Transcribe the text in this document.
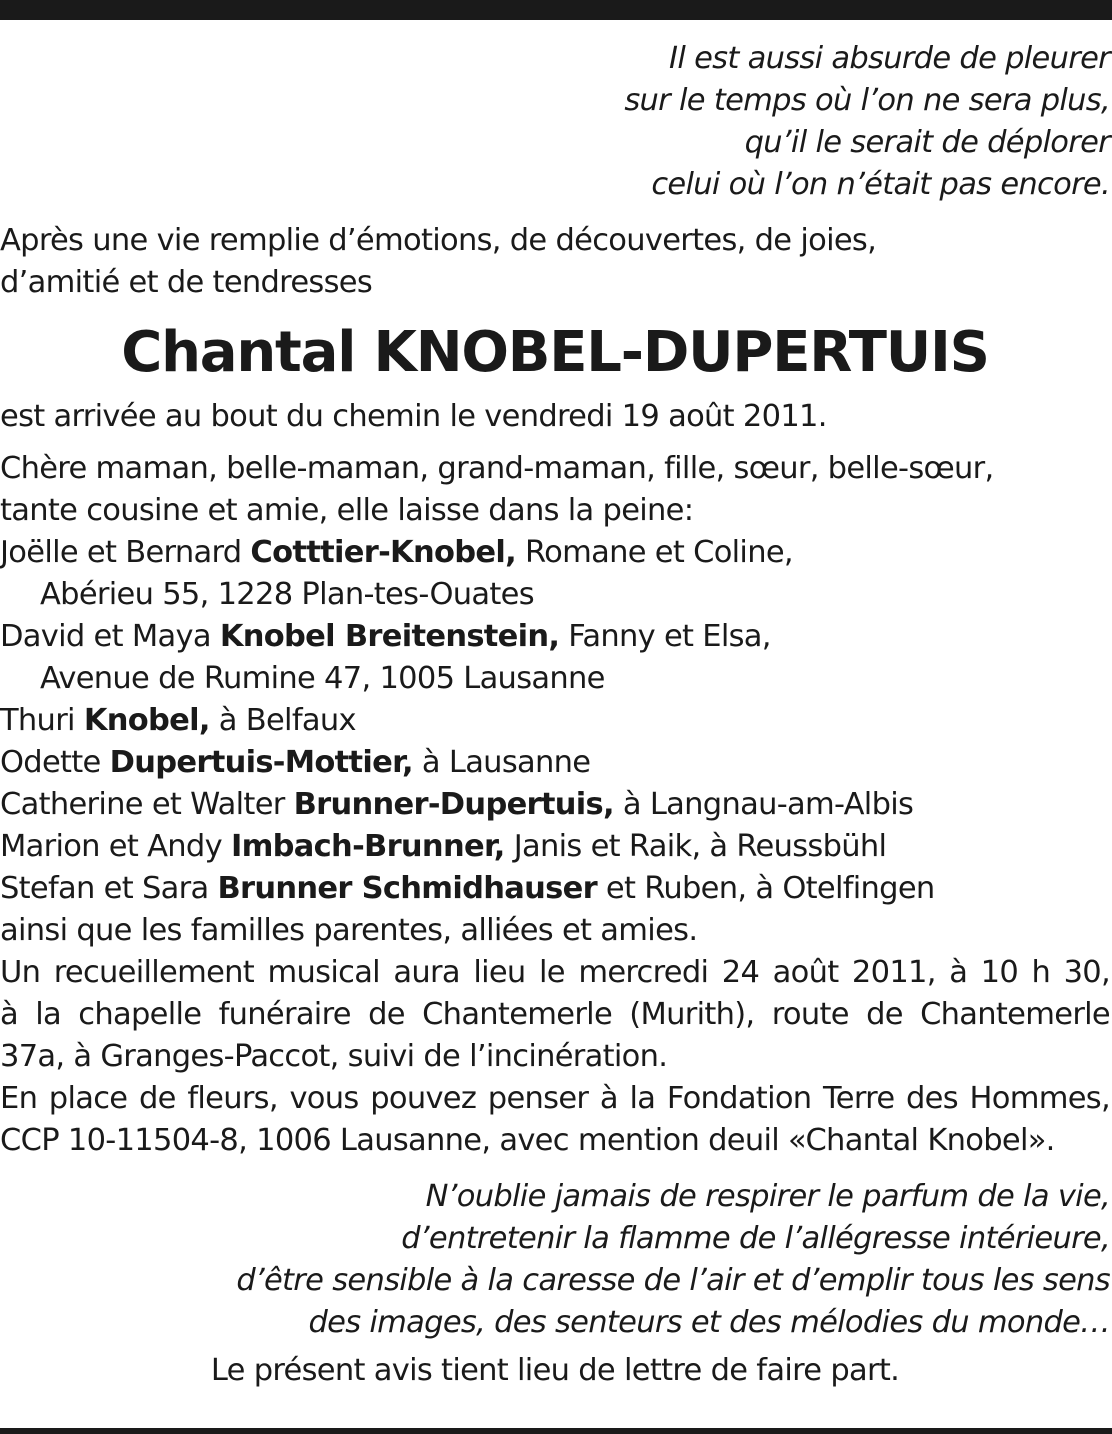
Il est aussi absurde de pleurer
sur le temps où l’on ne sera plus,
qu’il le serait de déplorer
celui où l’on n’était pas encore.
Après une vie remplie d’émotions, de découvertes, de joies,
d’amitié et de tendresses
Chantal KNOBEL-DUPERTUIS
est arrivée au bout du chemin le vendredi 19 août 2011.
Chère maman, belle-maman, grand-maman, fille, sœur, belle-sœur,
tante cousine et amie, elle laisse dans la peine:
Joëlle et Bernard Cotttier-Knobel, Romane et Coline,
Abérieu 55, 1228 Plan-tes-Ouates
David et Maya Knobel Breitenstein, Fanny et Elsa,
Avenue de Rumine 47, 1005 Lausanne
Thuri Knobel, à Belfaux
Odette Dupertuis-Mottier, à Lausanne
Catherine et Walter Brunner-Dupertuis, à Langnau-am-Albis
Marion et Andy Imbach-Brunner, Janis et Raik, à Reussbühl
Stefan et Sara Brunner Schmidhauser et Ruben, à Otelfingen
ainsi que les familles parentes, alliées et amies.
Un recueillement musical aura lieu le mercredi 24 août 2011, à 10 h 30,
à la chapelle funéraire de Chantemerle (Murith), route de Chantemerle
37a, à Granges-Paccot, suivi de l’incinération.
En place de fleurs, vous pouvez penser à la Fondation Terre des Hommes,
CCP 10-11504-8, 1006 Lausanne, avec mention deuil «Chantal Knobel».
N’oublie jamais de respirer le parfum de la vie,
d’entretenir la flamme de l’allégresse intérieure,
d’être sensible à la caresse de l’air et d’emplir tous les sens
des images, des senteurs et des mélodies du monde…
Le présent avis tient lieu de lettre de faire part.
